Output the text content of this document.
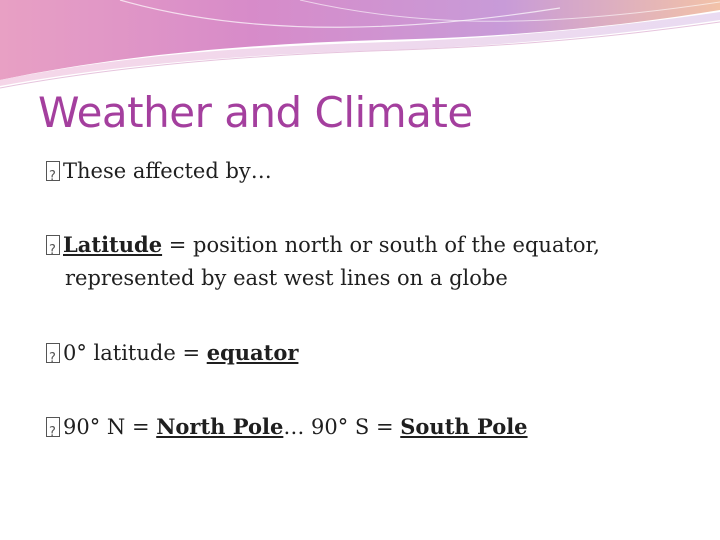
Weather and Climate
?These affected by…
?Latitude = position north or south of the equator,
represented by east west lines on a globe
?0° latitude = equator
?90° N = North Pole… 90° S = South Pole
